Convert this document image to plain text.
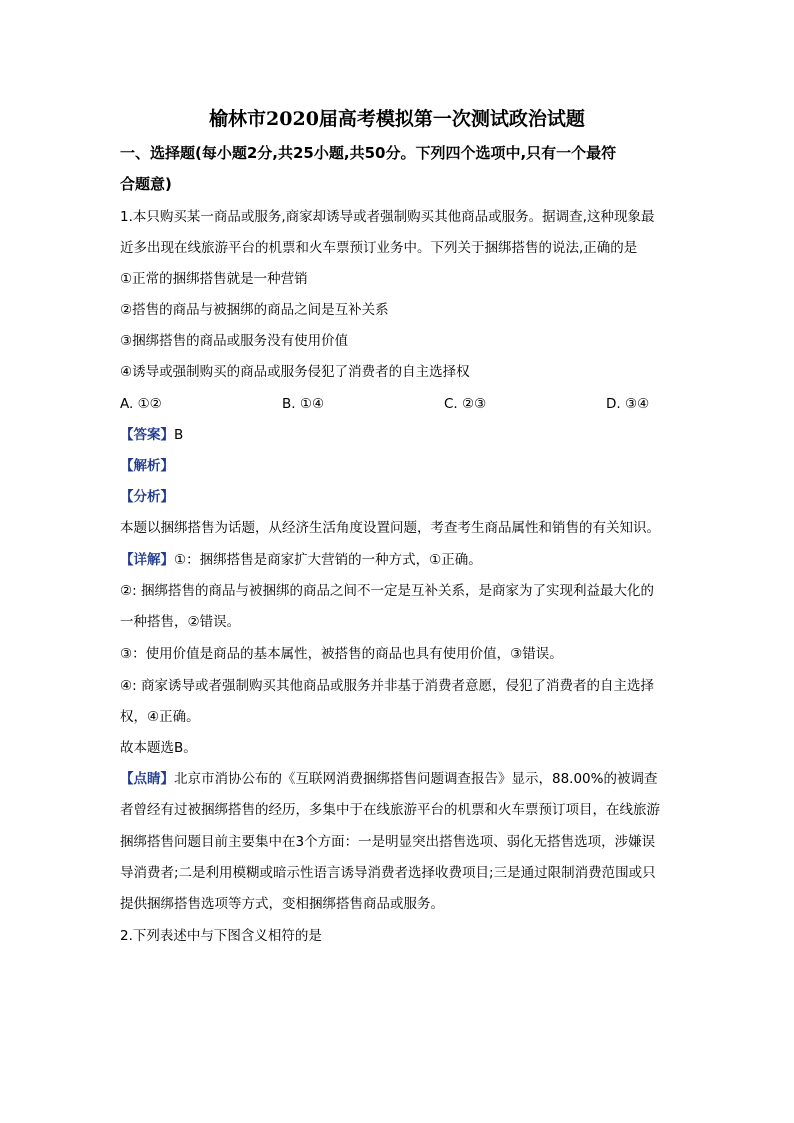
榆林市2020届高考模拟第一次测试政治试题
一、选择题(每小题2分,共25小题,共50分。下列四个选项中,只有一个最符
合题意)
1.本只购买某一商品或服务,商家却诱导或者强制购买其他商品或服务。据调查,这种现象最
近多出现在线旅游平台的机票和火车票预订业务中。下列关于捆绑搭售的说法,正确的是
①正常的捆绑搭售就是一种营销
②搭售的商品与被捆绑的商品之间是互补关系
③捆绑搭售的商品或服务没有使用价值
④诱导或强制购买的商品或服务侵犯了消费者的自主选择权
A. ①②	B. ①④	C. ②③	D. ③④
【答案】B
【解析】
【分析】
本题以捆绑搭售为话题，从经济生活角度设置问题，考查考生商品属性和销售的有关知识。
【详解】①：捆绑搭售是商家扩大营销的一种方式，①正确。
②: 捆绑搭售的商品与被捆绑的商品之间不一定是互补关系，是商家为了实现利益最大化的
一种搭售，②错误。
③：使用价值是商品的基本属性，被搭售的商品也具有使用价值，③错误。
④: 商家诱导或者强制购买其他商品或服务并非基于消费者意愿，侵犯了消费者的自主选择
权，④正确。
故本题选B。
【点睛】北京市消协公布的《互联网消费捆绑搭售问题调查报告》显示，88.00%的被调查
者曾经有过被捆绑搭售的经历，多集中于在线旅游平台的机票和火车票预订项目，在线旅游
捆绑搭售问题目前主要集中在3个方面：一是明显突出搭售选项、弱化无搭售选项，涉嫌误
导消费者;二是利用模糊或暗示性语言诱导消费者选择收费项目;三是通过限制消费范围或只
提供捆绑搭售选项等方式，变相捆绑搭售商品或服务。
2.下列表述中与下图含义相符的是
